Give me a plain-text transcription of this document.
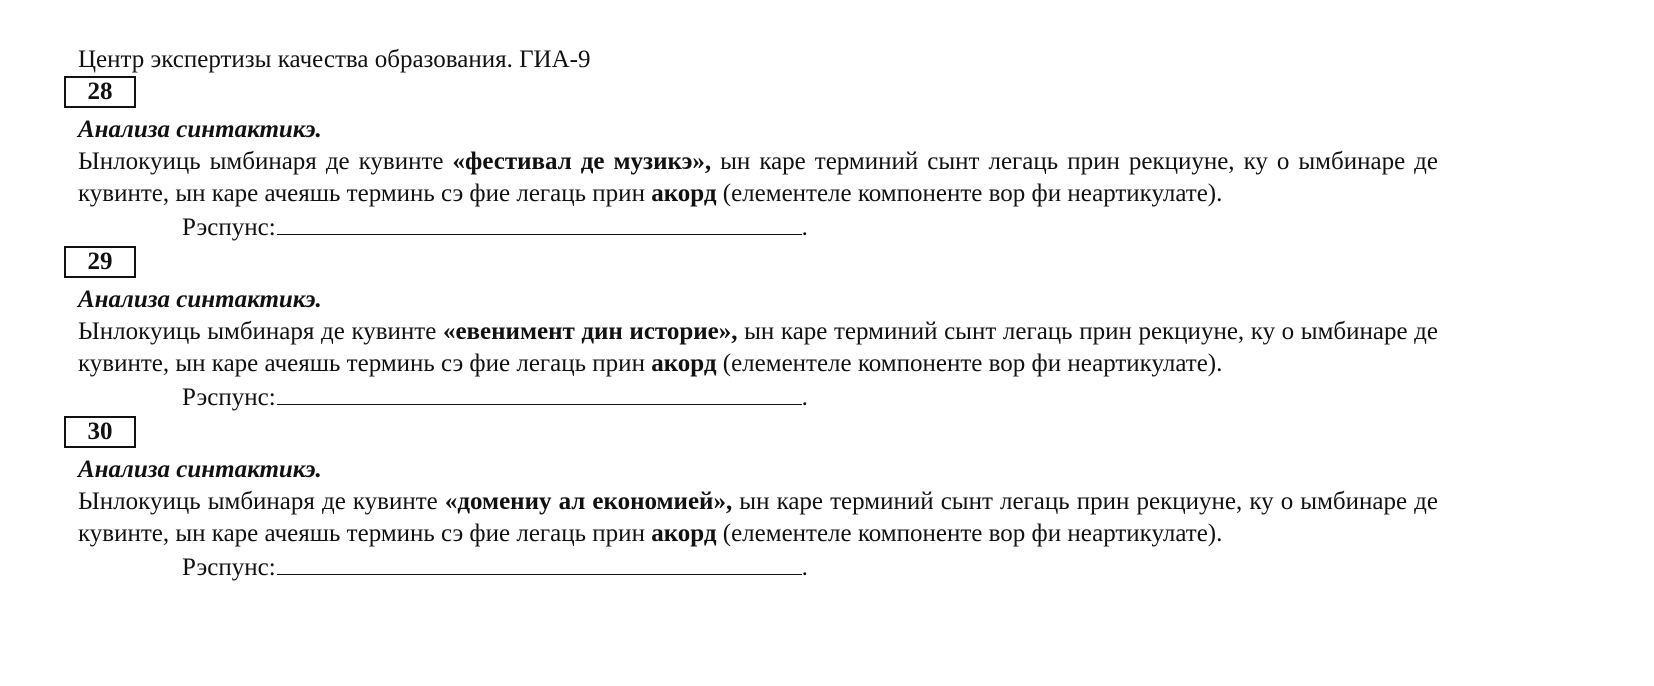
Центр экспертизы качества образования. ГИА-9
28
Анализа синтактикэ.
Ынлокуиць ымбинаря де кувинте «фестивал де музикэ», ын каре терминий сынт легаць прин рекциуне, ку о ымбинаре де кувинте, ын каре ачеяшь терминь сэ фие легаць прин акорд (елементеле компоненте вор фи неартикулате).
Рэспунс:	.
29
Анализа синтактикэ.
Ынлокуиць ымбинаря де кувинте «евенимент дин историе», ын каре терминий сынт легаць прин рекциуне, ку о ымбинаре де кувинте, ын каре ачеяшь терминь сэ фие легаць прин акорд (елементеле компоненте вор фи неартикулате).
Рэспунс:	.
30
Анализа синтактикэ.
Ынлокуиць ымбинаря де кувинте «домениу ал економией», ын каре терминий сынт легаць прин рекциуне, ку о ымбинаре де кувинте, ын каре ачеяшь терминь сэ фие легаць прин акорд (елементеле компоненте вор фи неартикулате).
Рэспунс:	.
